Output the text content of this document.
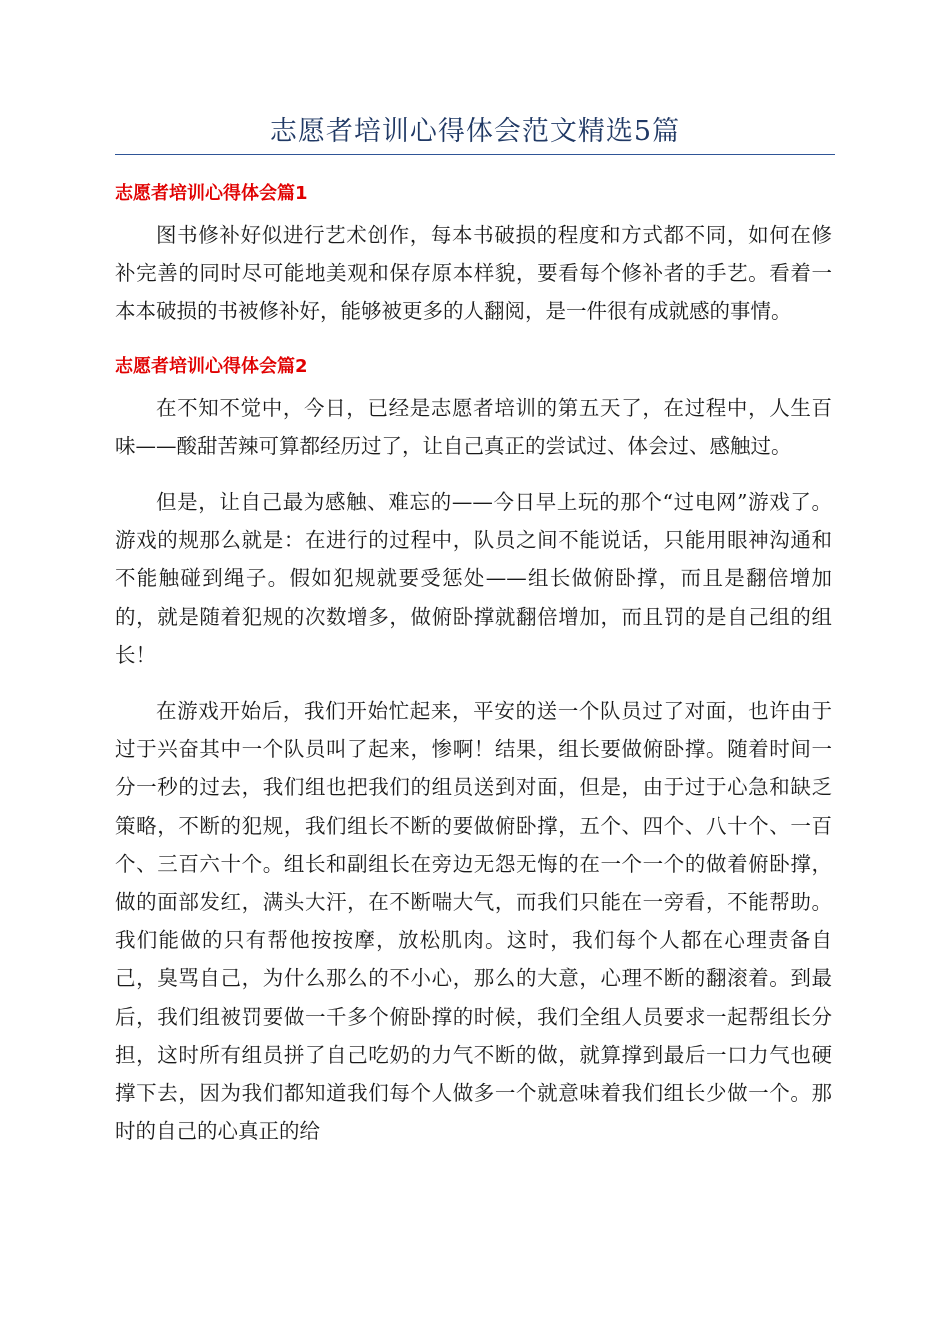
志愿者培训心得体会范文精选5篇
志愿者培训心得体会篇1

图书修补好似进行艺术创作，每本书破损的程度和方式都不同，如何在修补完善的同时尽可能地美观和保存原本样貌，要看每个修补者的手艺。看着一本本破损的书被修补好，能够被更多的人翻阅，是一件很有成就感的事情。

志愿者培训心得体会篇2

在不知不觉中，今日，已经是志愿者培训的第五天了，在过程中，人生百味——酸甜苦辣可算都经历过了，让自己真正的尝试过、体会过、感触过。

但是，让自己最为感触、难忘的——今日早上玩的那个“过电网”游戏了。游戏的规那么就是：在进行的过程中，队员之间不能说话，只能用眼神沟通和不能触碰到绳子。假如犯规就要受惩处——组长做俯卧撑，而且是翻倍增加的，就是随着犯规的次数增多，做俯卧撑就翻倍增加，而且罚的是自己组的组长！

在游戏开始后，我们开始忙起来，平安的送一个队员过了对面，也许由于过于兴奋其中一个队员叫了起来，惨啊！结果，组长要做俯卧撑。随着时间一分一秒的过去，我们组也把我们的组员送到对面，但是，由于过于心急和缺乏策略，不断的犯规，我们组长不断的要做俯卧撑，五个、四个、八十个、一百个、三百六十个。组长和副组长在旁边无怨无悔的在一个一个的做着俯卧撑，做的面部发红，满头大汗，在不断喘大气，而我们只能在一旁看，不能帮助。我们能做的只有帮他按按摩，放松肌肉。这时，我们每个人都在心理责备自己，臭骂自己，为什么那么的不小心，那么的大意，心理不断的翻滚着。到最后，我们组被罚要做一千多个俯卧撑的时候，我们全组人员要求一起帮组长分担，这时所有组员拼了自己吃奶的力气不断的做，就算撑到最后一口力气也硬撑下去，因为我们都知道我们每个人做多一个就意味着我们组长少做一个。那时的自己的心真正的给
